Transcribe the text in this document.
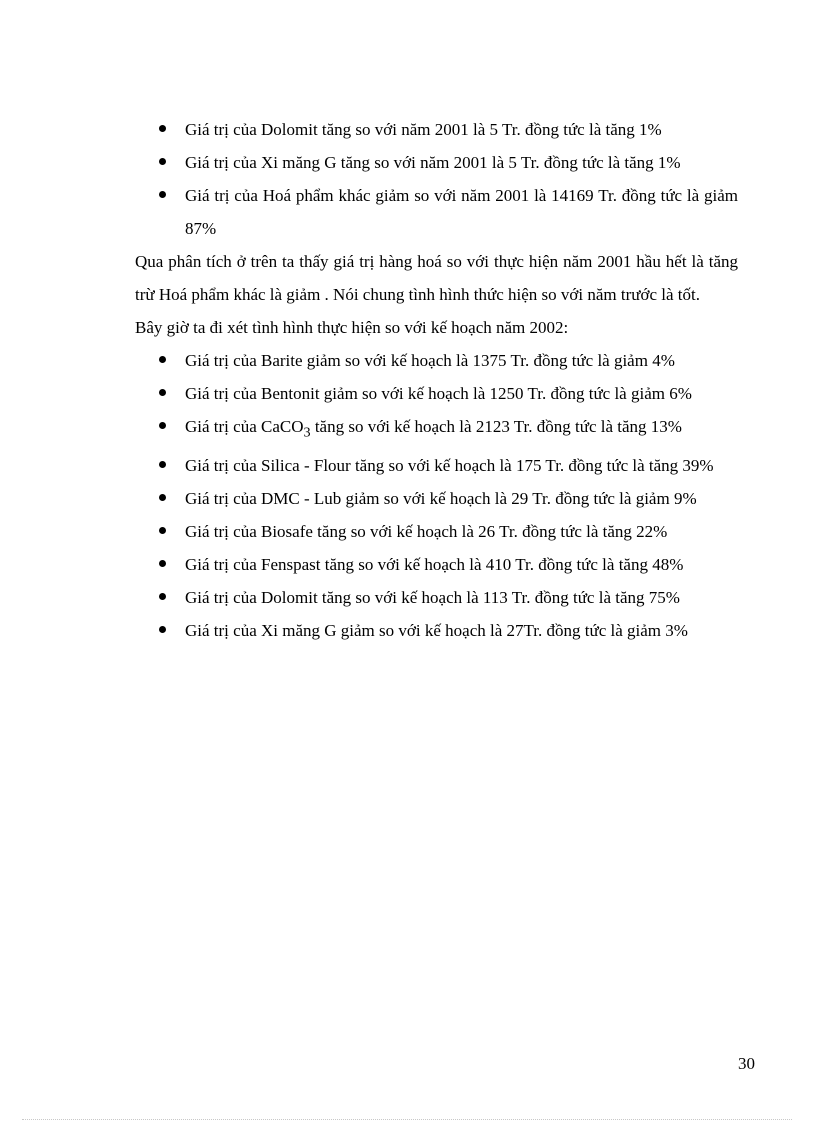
Giá trị của Dolomit tăng so với năm 2001 là 5 Tr. đồng tức là tăng 1%
Giá trị của Xi măng G tăng so với năm 2001 là 5 Tr. đồng tức là tăng 1%
Giá trị của Hoá phẩm khác giảm so với năm 2001 là 14169 Tr. đồng tức là giảm 87%

Qua phân tích ở trên ta thấy giá trị hàng hoá so với thực hiện năm 2001 hầu hết là tăng trừ Hoá phẩm khác là giảm . Nói chung tình hình thức hiện so với năm trước là tốt.

Bây giờ ta đi xét tình hình thực hiện so với kế hoạch năm 2002:

Giá trị của Barite giảm so với kế hoạch là 1375 Tr. đồng tức là giảm 4%
Giá trị của Bentonit giảm so với kế hoạch là 1250 Tr. đồng tức là giảm 6%
Giá trị của CaCO$_3$ tăng so với kế hoạch là 2123 Tr. đồng tức là tăng 13%
Giá trị của Silica - Flour tăng so với kế hoạch là 175 Tr. đồng tức là tăng 39%
Giá trị của DMC - Lub giảm so với kế hoạch là 29 Tr. đồng tức là giảm 9%
Giá trị của Biosafe tăng so với kế hoạch là 26 Tr. đồng tức là tăng 22%
Giá trị của Fenspast tăng so với kế hoạch là 410 Tr. đồng tức là tăng 48%
Giá trị của Dolomit tăng so với kế hoạch là 113 Tr. đồng tức là tăng 75%
Giá trị của Xi măng G giảm so với kế hoạch là 27Tr. đồng tức là giảm 3%
30
